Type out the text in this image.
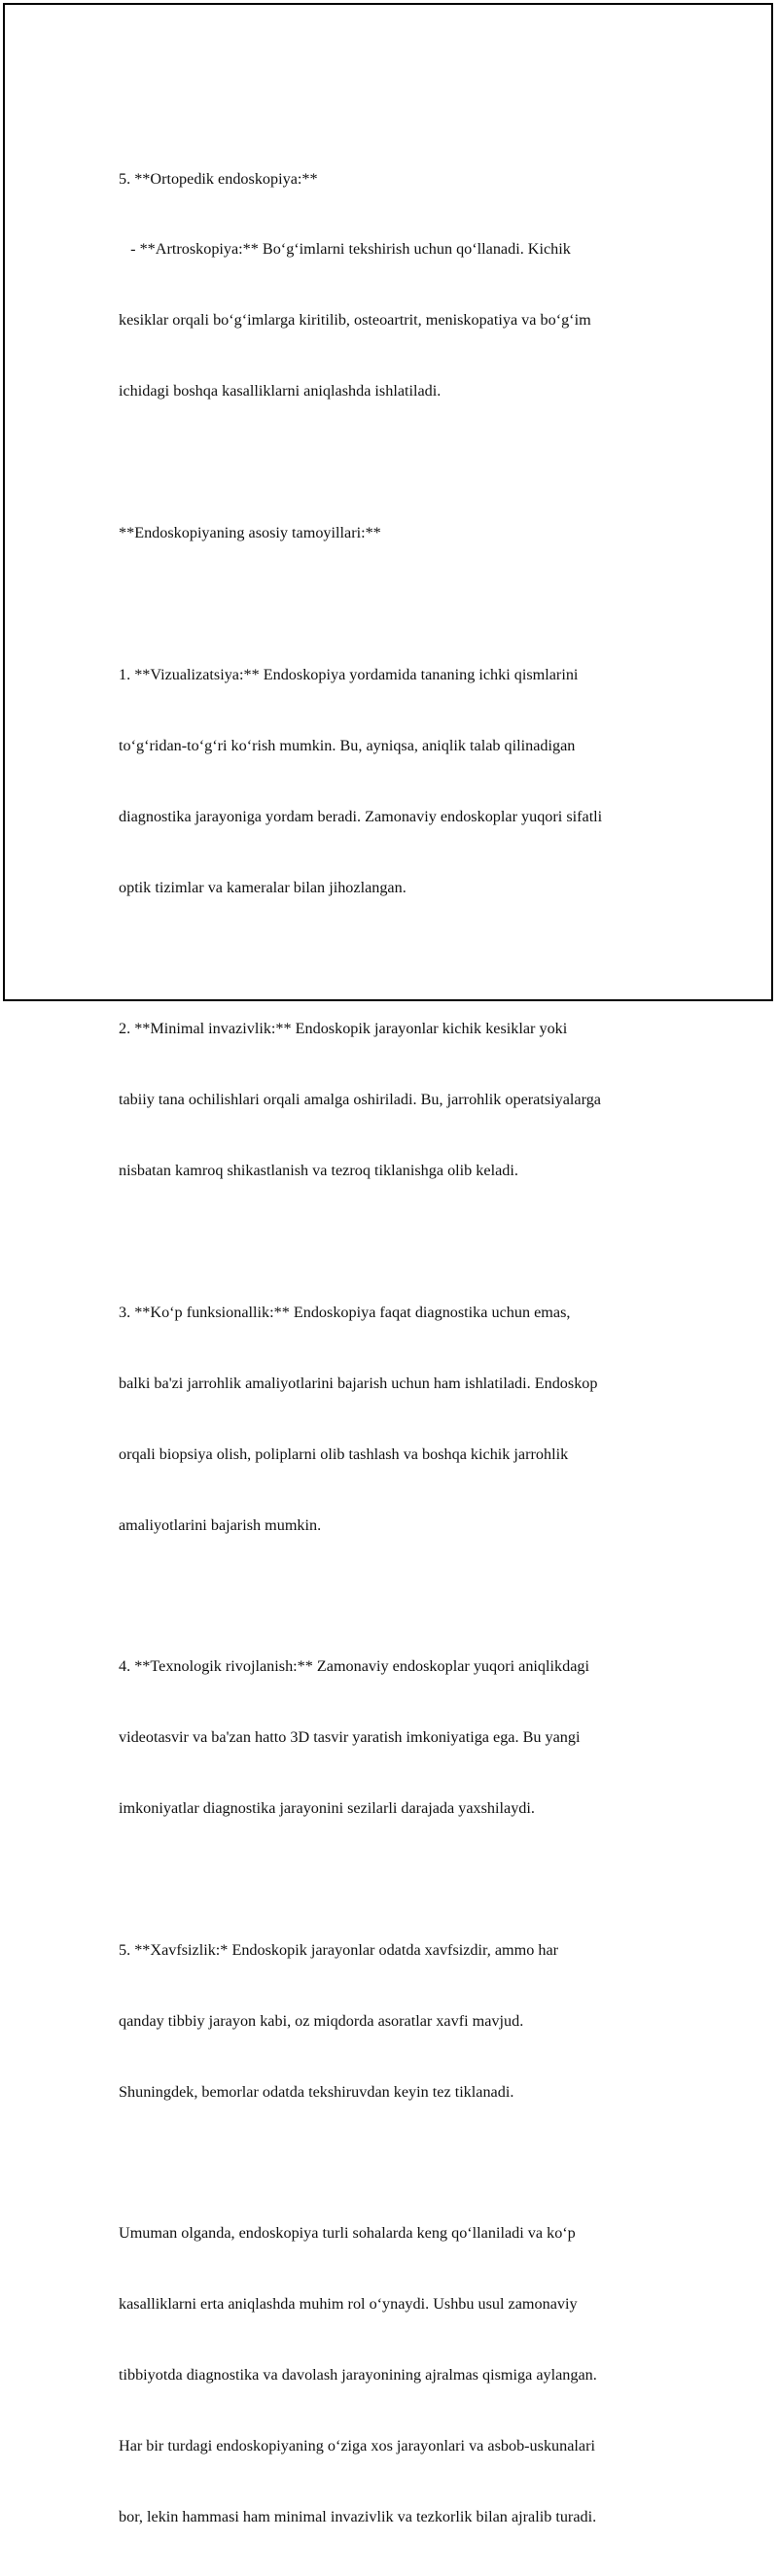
5. **Ortopedik endoskopiya:**

- **Artroskopiya:** Boʻgʻimlarni tekshirish uchun qoʻllanadi. Kichik

kesiklar orqali boʻgʻimlarga kiritilib, osteoartrit, meniskopatiya va boʻgʻim

ichidagi boshqa kasalliklarni aniqlashda ishlatiladi.

**Endoskopiyaning asosiy tamoyillari:**

1. **Vizualizatsiya:** Endoskopiya yordamida tananing ichki qismlarini

toʻgʻridan-toʻgʻri koʻrish mumkin. Bu, ayniqsa, aniqlik talab qilinadigan

diagnostika jarayoniga yordam beradi. Zamonaviy endoskoplar yuqori sifatli

optik tizimlar va kameralar bilan jihozlangan.

2. **Minimal invazivlik:** Endoskopik jarayonlar kichik kesiklar yoki

tabiiy tana ochilishlari orqali amalga oshiriladi. Bu, jarrohlik operatsiyalarga

nisbatan kamroq shikastlanish va tezroq tiklanishga olib keladi.

3. **Koʻp funksionallik:** Endoskopiya faqat diagnostika uchun emas,

balki ba'zi jarrohlik amaliyotlarini bajarish uchun ham ishlatiladi. Endoskop

orqali biopsiya olish, poliplarni olib tashlash va boshqa kichik jarrohlik

amaliyotlarini bajarish mumkin.

4. **Texnologik rivojlanish:** Zamonaviy endoskoplar yuqori aniqlikdagi

videotasvir va ba'zan hatto 3D tasvir yaratish imkoniyatiga ega. Bu yangi

imkoniyatlar diagnostika jarayonini sezilarli darajada yaxshilaydi.

5. **Xavfsizlik:* Endoskopik jarayonlar odatda xavfsizdir, ammo har

qanday tibbiy jarayon kabi, oz miqdorda asoratlar xavfi mavjud.

Shuningdek, bemorlar odatda tekshiruvdan keyin tez tiklanadi.

Umuman olganda, endoskopiya turli sohalarda keng qoʻllaniladi va koʻp

kasalliklarni erta aniqlashda muhim rol oʻynaydi. Ushbu usul zamonaviy

tibbiyotda diagnostika va davolash jarayonining ajralmas qismiga aylangan.

Har bir turdagi endoskopiyaning oʻziga xos jarayonlari va asbob-uskunalari

bor, lekin hammasi ham minimal invazivlik va tezkorlik bilan ajralib turadi.
